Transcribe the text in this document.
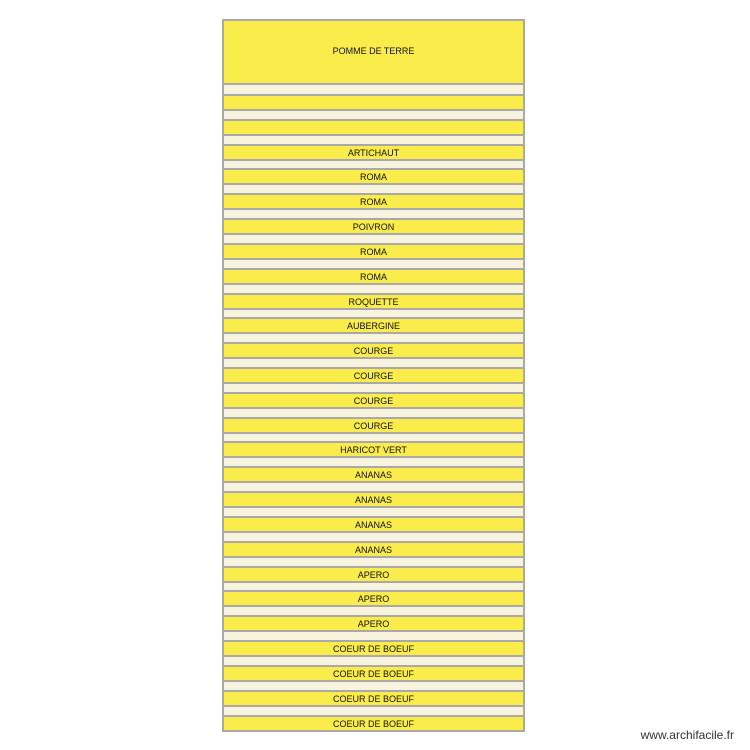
POMME DE TERRE
ARTICHAUT
ROMA
ROMA
POIVRON
ROMA
ROMA
ROQUETTE
AUBERGINE
COURGE
COURGE
COURGE
COURGE
HARICOT VERT
ANANAS
ANANAS
ANANAS
ANANAS
APERO
APERO
APERO
COEUR DE BOEUF
COEUR DE BOEUF
COEUR DE BOEUF
COEUR DE BOEUF
www.archifacile.fr
